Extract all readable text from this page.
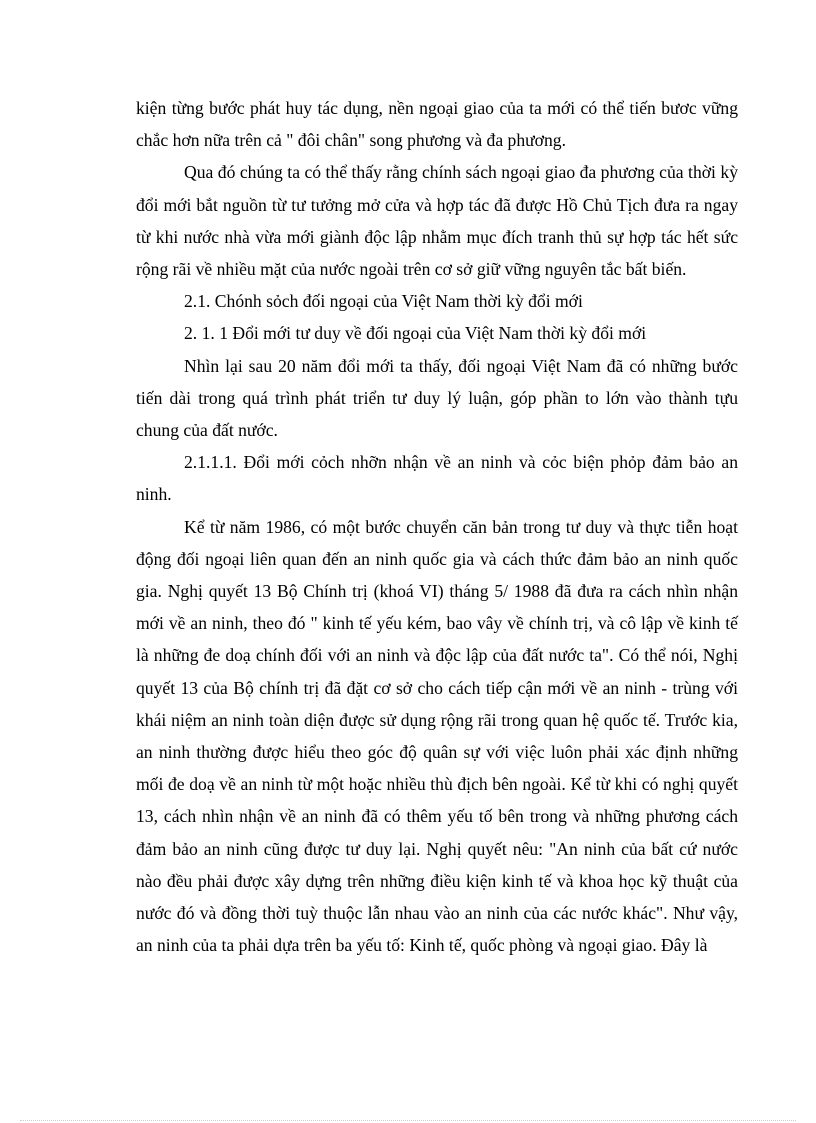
kiện từng bước phát huy tác dụng, nền ngoại giao của ta mới có thể tiến bươc vững chắc hơn nữa trên cả " đôi chân" song phương và đa phương.

Qua đó chúng ta có thể thấy rằng chính sách ngoại giao đa phương của thời kỳ đổi mới bắt nguồn từ tư tưởng mở cửa và hợp tác đã được Hồ Chủ Tịch đưa ra ngay từ khi nước nhà vừa mới giành độc lập nhằm mục đích tranh thủ sự hợp tác hết sức rộng rãi về nhiều mặt của nước ngoài trên cơ sở giữ vững nguyên tắc bất biến.

2.1. Chónh sỏch đối ngoại của Việt Nam thời kỳ đổi mới

2. 1. 1 Đổi mới tư duy về đối ngoại của Việt Nam thời kỳ đổi mới

Nhìn lại sau 20 năm đổi mới ta thấy, đối ngoại Việt Nam đã có những bước tiến dài trong quá trình phát triển tư duy lý luận, góp phần to lớn vào thành tựu chung của đất nước.

2.1.1.1. Đổi mới cỏch nhỡn nhận về an ninh và cỏc biện phỏp đảm bảo an ninh.

Kể từ năm 1986, có một bước chuyển căn bản trong tư duy và thực tiễn hoạt động đối ngoại liên quan đến an ninh quốc gia và cách thức đảm bảo an ninh quốc gia. Nghị quyết 13 Bộ Chính trị (khoá VI) tháng 5/ 1988 đã đưa ra cách nhìn nhận mới về an ninh, theo đó " kinh tế yếu kém, bao vây về chính trị, và cô lập về kinh tế là những đe doạ chính đối với an ninh và độc lập của đất nước ta". Có thể nói, Nghị quyết 13 của Bộ chính trị đã đặt cơ sở cho cách tiếp cận mới về an ninh - trùng với khái niệm an ninh toàn diện được sử dụng rộng rãi trong quan hệ quốc tế. Trước kia, an ninh thường được hiểu theo góc độ quân sự với việc luôn phải xác định những mối đe doạ về an ninh từ một hoặc nhiều thù địch bên ngoài. Kể từ khi có nghị quyết 13, cách nhìn nhận về an ninh đã có thêm yếu tố bên trong và những phương cách đảm bảo an ninh cũng được tư duy lại. Nghị quyết nêu: "An ninh của bất cứ nước nào đều phải được xây dựng trên những điều kiện kinh tế và khoa học kỹ thuật của nước đó và đồng thời tuỳ thuộc lẫn nhau vào an ninh của các nước khác". Như vậy, an ninh của ta phải dựa trên ba yếu tố: Kinh tế, quốc phòng và ngoại giao. Đây là
